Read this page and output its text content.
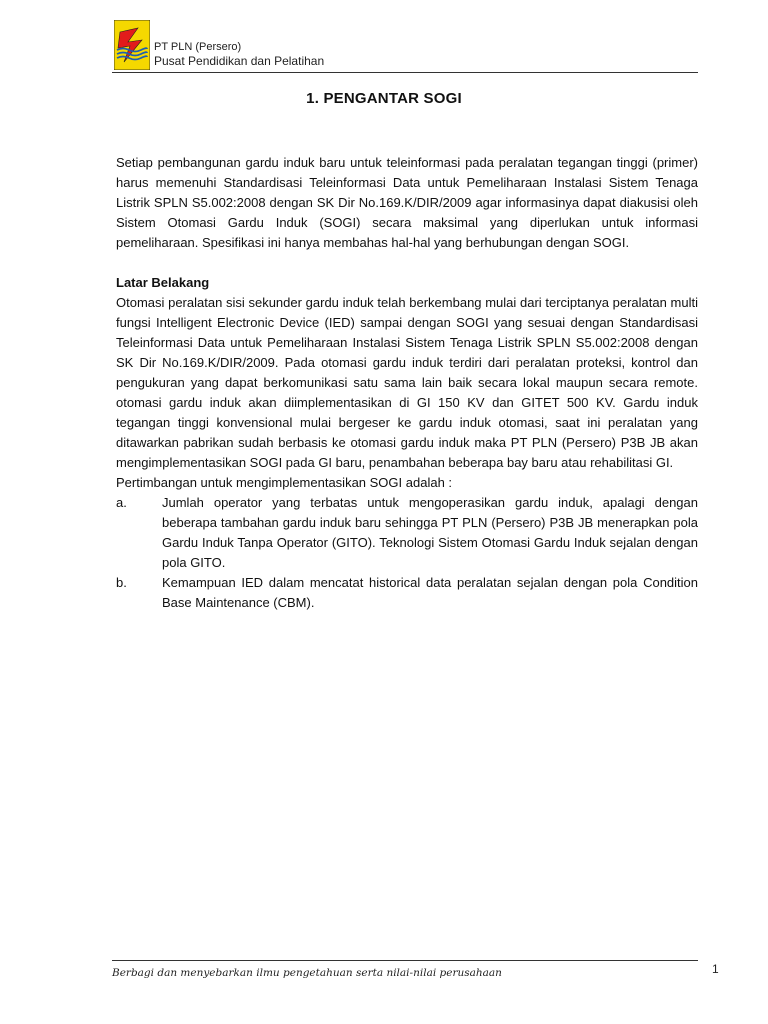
PT PLN (Persero)
Pusat Pendidikan dan Pelatihan
1. PENGANTAR SOGI

Setiap pembangunan gardu induk baru untuk teleinformasi pada peralatan tegangan tinggi (primer) harus memenuhi Standardisasi Teleinformasi Data untuk Pemeliharaan Instalasi Sistem Tenaga Listrik SPLN S5.002:2008 dengan SK Dir No.169.K/DIR/2009 agar informasinya dapat diakusisi oleh Sistem Otomasi Gardu Induk (SOGI) secara maksimal yang diperlukan untuk informasi pemeliharaan. Spesifikasi ini hanya membahas hal-hal yang berhubungan dengan SOGI.

Latar Belakang

Otomasi peralatan sisi sekunder gardu induk telah berkembang mulai dari terciptanya peralatan multi fungsi Intelligent Electronic Device (IED) sampai dengan SOGI yang sesuai dengan Standardisasi Teleinformasi Data untuk Pemeliharaan Instalasi Sistem Tenaga Listrik SPLN S5.002:2008 dengan SK Dir No.169.K/DIR/2009. Pada otomasi gardu induk terdiri dari peralatan proteksi, kontrol dan pengukuran yang dapat berkomunikasi satu sama lain baik secara lokal maupun secara remote. otomasi gardu induk akan diimplementasikan di GI 150 KV dan GITET 500 KV. Gardu induk tegangan tinggi konvensional mulai bergeser ke gardu induk otomasi, saat ini peralatan yang ditawarkan pabrikan sudah berbasis ke otomasi gardu induk maka PT PLN (Persero) P3B JB akan mengimplementasikan SOGI pada GI baru, penambahan beberapa bay baru atau rehabilitasi GI.

Pertimbangan untuk mengimplementasikan SOGI adalah :

a.	Jumlah operator yang terbatas untuk mengoperasikan gardu induk, apalagi dengan beberapa tambahan gardu induk baru sehingga PT PLN (Persero) P3B JB menerapkan pola Gardu Induk Tanpa Operator (GITO). Teknologi Sistem Otomasi Gardu Induk sejalan dengan pola GITO.
b.	Kemampuan IED dalam mencatat historical data peralatan sejalan dengan pola Condition Base Maintenance (CBM).
Berbagi dan menyebarkan ilmu pengetahuan serta nilai-nilai perusahaan	1
